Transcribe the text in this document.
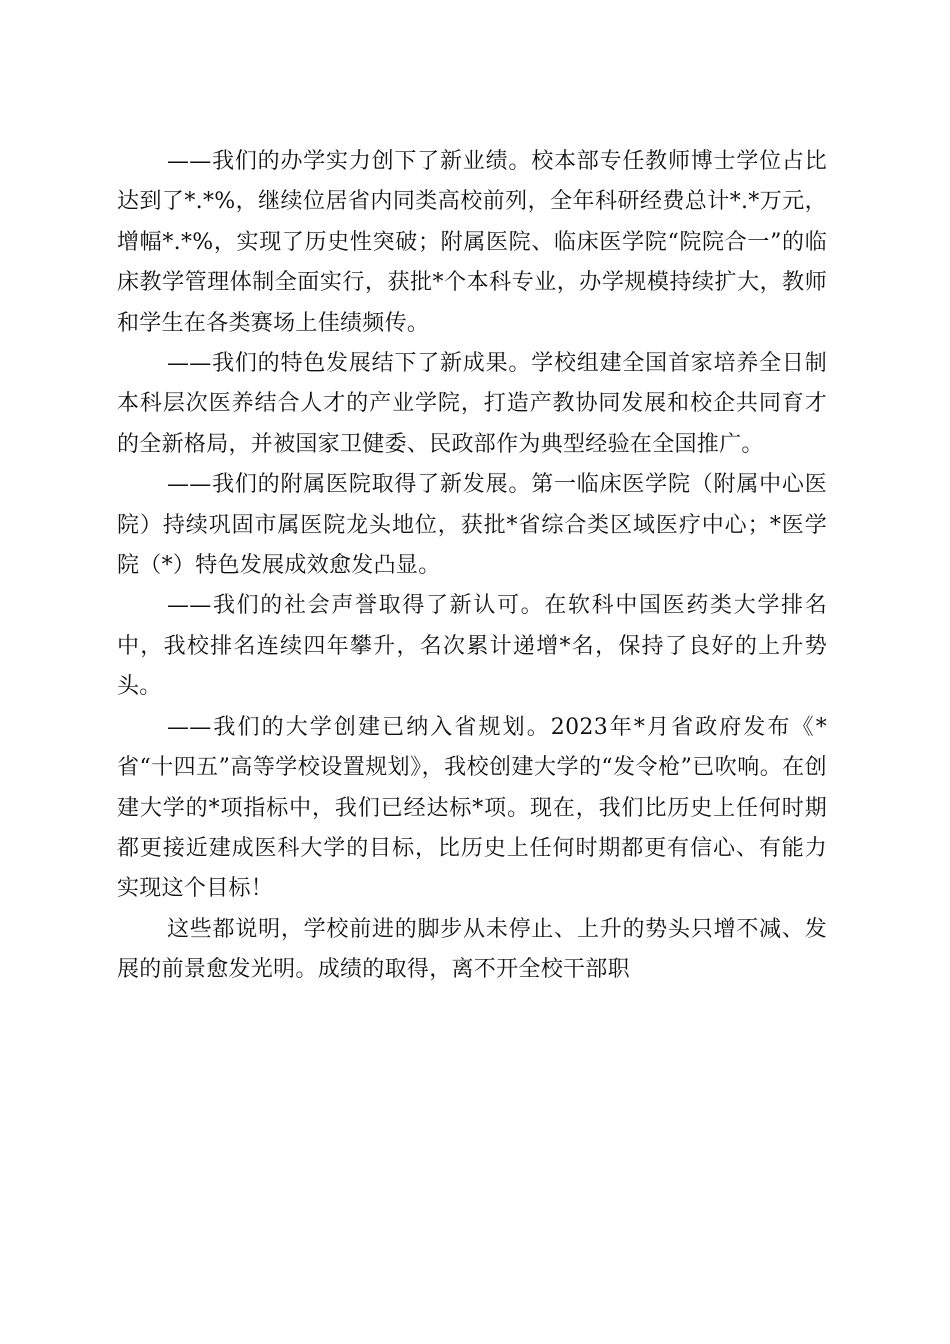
——我们的办学实力创下了新业绩。校本部专任教师博士学位占比达到了*.*%，继续位居省内同类高校前列，全年科研经费总计*.*万元，增幅*.*%，实现了历史性突破；附属医院、临床医学院“院院合一”的临床教学管理体制全面实行，获批*个本科专业，办学规模持续扩大，教师和学生在各类赛场上佳绩频传。

——我们的特色发展结下了新成果。学校组建全国首家培养全日制本科层次医养结合人才的产业学院，打造产教协同发展和校企共同育才的全新格局，并被国家卫健委、民政部作为典型经验在全国推广。

——我们的附属医院取得了新发展。第一临床医学院（附属中心医院）持续巩固市属医院龙头地位，获批*省综合类区域医疗中心；*医学院（*）特色发展成效愈发凸显。

——我们的社会声誉取得了新认可。在软科中国医药类大学排名中，我校排名连续四年攀升，名次累计递增*名，保持了良好的上升势头。

——我们的大学创建已纳入省规划。2023年*月省政府发布《*省“十四五”高等学校设置规划》，我校创建大学的“发令枪”已吹响。在创建大学的*项指标中，我们已经达标*项。现在，我们比历史上任何时期都更接近建成医科大学的目标，比历史上任何时期都更有信心、有能力实现这个目标！

这些都说明，学校前进的脚步从未停止、上升的势头只增不减、发展的前景愈发光明。成绩的取得，离不开全校干部职
